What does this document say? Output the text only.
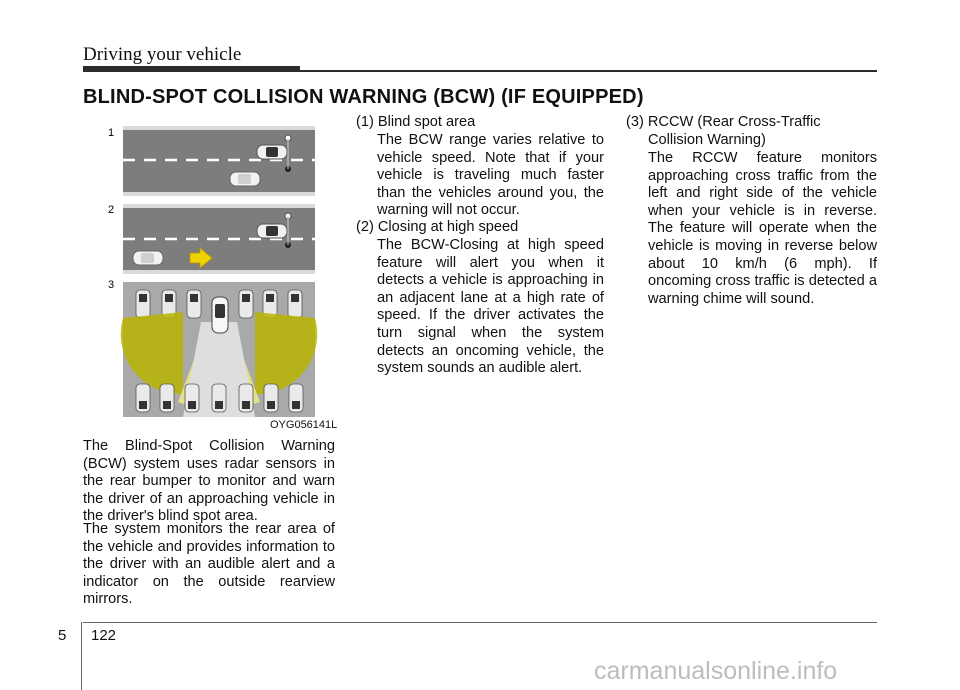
Driving your vehicle
BLIND-SPOT COLLISION WARNING (BCW) (IF EQUIPPED)
1
2
3
OYG056141L

The Blind-Spot Collision Warning (BCW) system uses radar sensors in the rear bumper to monitor and warn the driver of an approaching vehicle in the driver's blind spot area.

The system monitors the rear area of the vehicle and provides information to the driver with an audible alert and a indicator on the outside rearview mirrors.

(1) Blind spot area

The BCW range varies relative to vehicle speed. Note that if your vehicle is traveling much faster than the vehicles around you, the warning will not occur.

(2) Closing at high speed

The BCW-Closing at high speed feature will alert you when it detects a vehicle is approaching in an adjacent lane at a high rate of speed. If the driver activates the turn signal when the system detects an oncoming vehicle, the system sounds an audible alert.

(3) RCCW (Rear Cross-Traffic Collision Warning)

The RCCW feature monitors approaching cross traffic from the left and right side of the vehicle when your vehicle is in reverse. The feature will operate when the vehicle is moving in reverse below about 10 km/h (6 mph). If oncoming cross traffic is detected a warning chime will sound.

5 122
carmanualsonline.info
